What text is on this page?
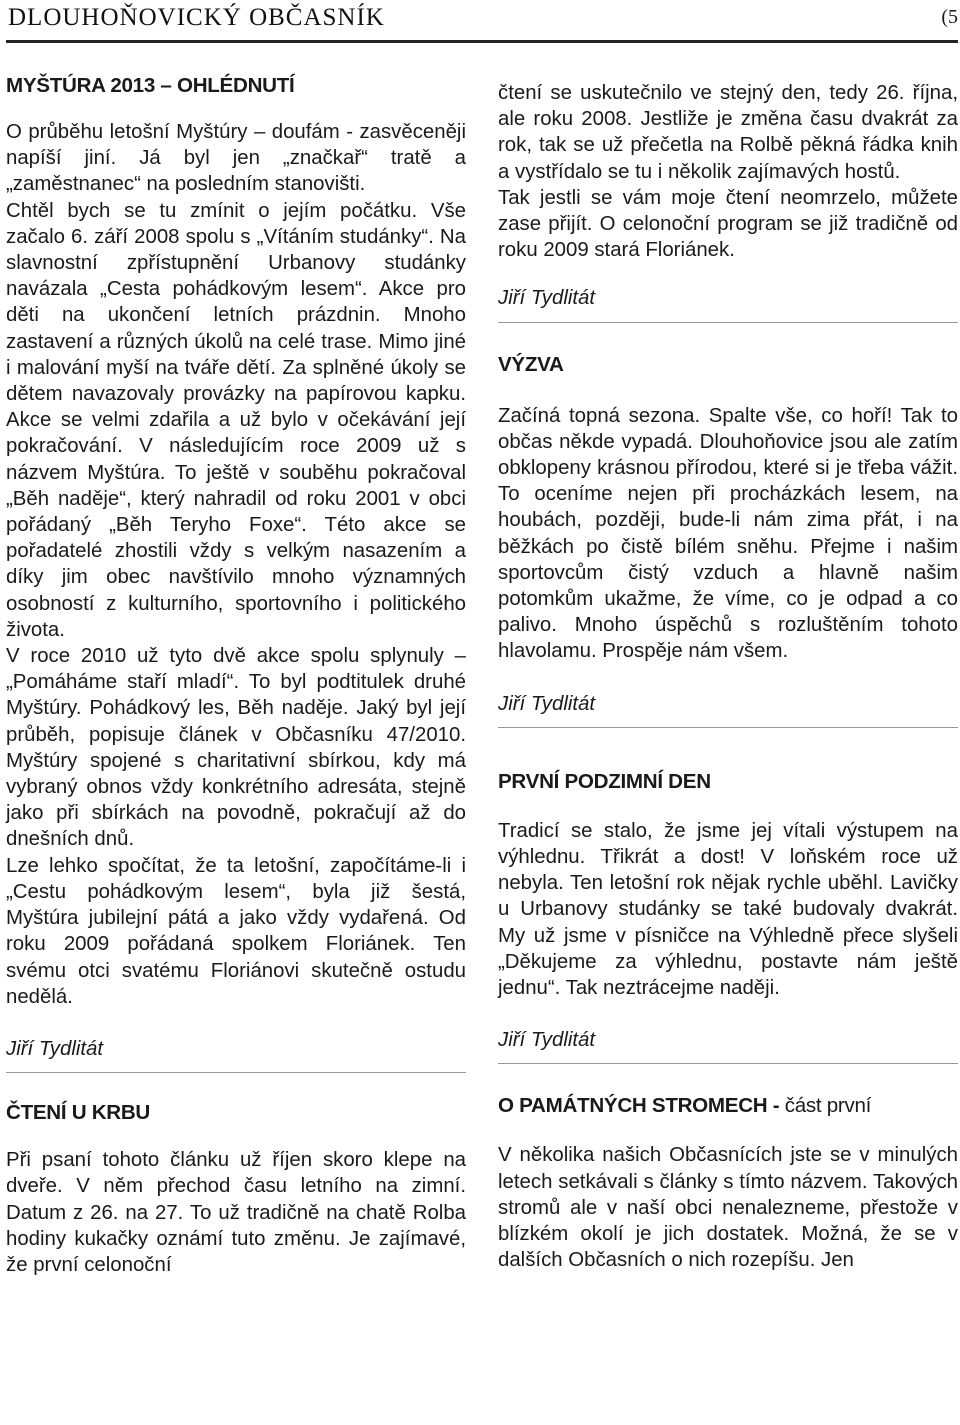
DLOUHOŇOVICKÝ OBČASNÍK	(5
MYŠTÚRA 2013 – OHLÉDNUTÍ

O průběhu letošní Myštúry – doufám - zasvěceněji napíší jiní. Já byl jen „značkař“ tratě a „zaměstnanec“ na posledním stanovišti.

Chtěl bych se tu zmínit o jejím počátku. Vše začalo 6. září 2008 spolu s „Vítáním studánky“. Na slavnostní zpřístupnění Urbanovy studánky navázala „Cesta pohádkovým lesem“. Akce pro děti na ukončení letních prázdnin. Mnoho zastavení a různých úkolů na celé trase. Mimo jiné i malování myší na tváře dětí. Za splněné úkoly se dětem navazovaly provázky na papírovou kapku. Akce se velmi zdařila a už bylo v očekávání její pokračování. V následujícím roce 2009 už s názvem Myštúra. To ještě v souběhu pokračoval „Běh naděje“, který nahradil od roku 2001 v obci pořádaný „Běh Teryho Foxe“. Této akce se pořadatelé zhostili vždy s velkým nasazením a díky jim obec navštívilo mnoho významných osobností z kulturního, sportovního i politického života.

V roce 2010 už tyto dvě akce spolu splynuly – „Pomáháme staří mladí“. To byl podtitulek druhé Myštúry. Pohádkový les, Běh naděje. Jaký byl její průběh, popisuje článek v Občasníku 47/2010. Myštúry spojené s charitativní sbírkou, kdy má vybraný obnos vždy konkrétního adresáta, stejně jako při sbírkách na povodně, pokračují až do dnešních dnů.

Lze lehko spočítat, že ta letošní, započítáme-li i „Cestu pohádkovým lesem“, byla již šestá, Myštúra jubilejní pátá a jako vždy vydařená. Od roku 2009 pořádaná spolkem Floriánek. Ten svému otci svatému Floriánovi skutečně ostudu nedělá.

Jiří Tydlitát

ČTENÍ U KRBU

Při psaní tohoto článku už říjen skoro klepe na dveře. V něm přechod času letního na zimní. Datum z 26. na 27. To už tradičně na chatě Rolba hodiny kukačky oznámí tuto změnu. Je zajímavé, že první celonoční

čtení se uskutečnilo ve stejný den, tedy 26. října, ale roku 2008. Jestliže je změna času dvakrát za rok, tak se už přečetla na Rolbě pěkná řádka knih a vystřídalo se tu i několik zajímavých hostů.

Tak jestli se vám moje čtení neomrzelo, můžete zase přijít. O celonoční program se již tradičně od roku 2009 stará Floriánek.

Jiří Tydlitát

VÝZVA

Začíná topná sezona. Spalte vše, co hoří! Tak to občas někde vypadá. Dlouhoňovice jsou ale zatím obklopeny krásnou přírodou, které si je třeba vážit. To oceníme nejen při procházkách lesem, na houbách, později, bude-li nám zima přát, i na běžkách po čistě bílém sněhu. Přejme i našim sportovcům čistý vzduch a hlavně našim potomkům ukažme, že víme, co je odpad a co palivo. Mnoho úspěchů s rozluštěním tohoto hlavolamu. Prospěje nám všem.

Jiří Tydlitát

PRVNÍ PODZIMNÍ DEN

Tradicí se stalo, že jsme jej vítali výstupem na výhlednu. Třikrát a dost! V loňském roce už nebyla. Ten letošní rok nějak rychle uběhl. Lavičky u Urbanovy studánky se také budovaly dvakrát. My už jsme v písničce na Výhledně přece slyšeli „Děkujeme za výhlednu, postavte nám ještě jednu“. Tak neztrácejme naději.

Jiří Tydlitát

O PAMÁTNÝCH STROMECH - část první

V několika našich Občasnících jste se v minulých letech setkávali s články s tímto názvem. Takových stromů ale v naší obci nenalezneme, přestože v blízkém okolí je jich dostatek. Možná, že se v dalších Občasních o nich rozepíšu. Jen
